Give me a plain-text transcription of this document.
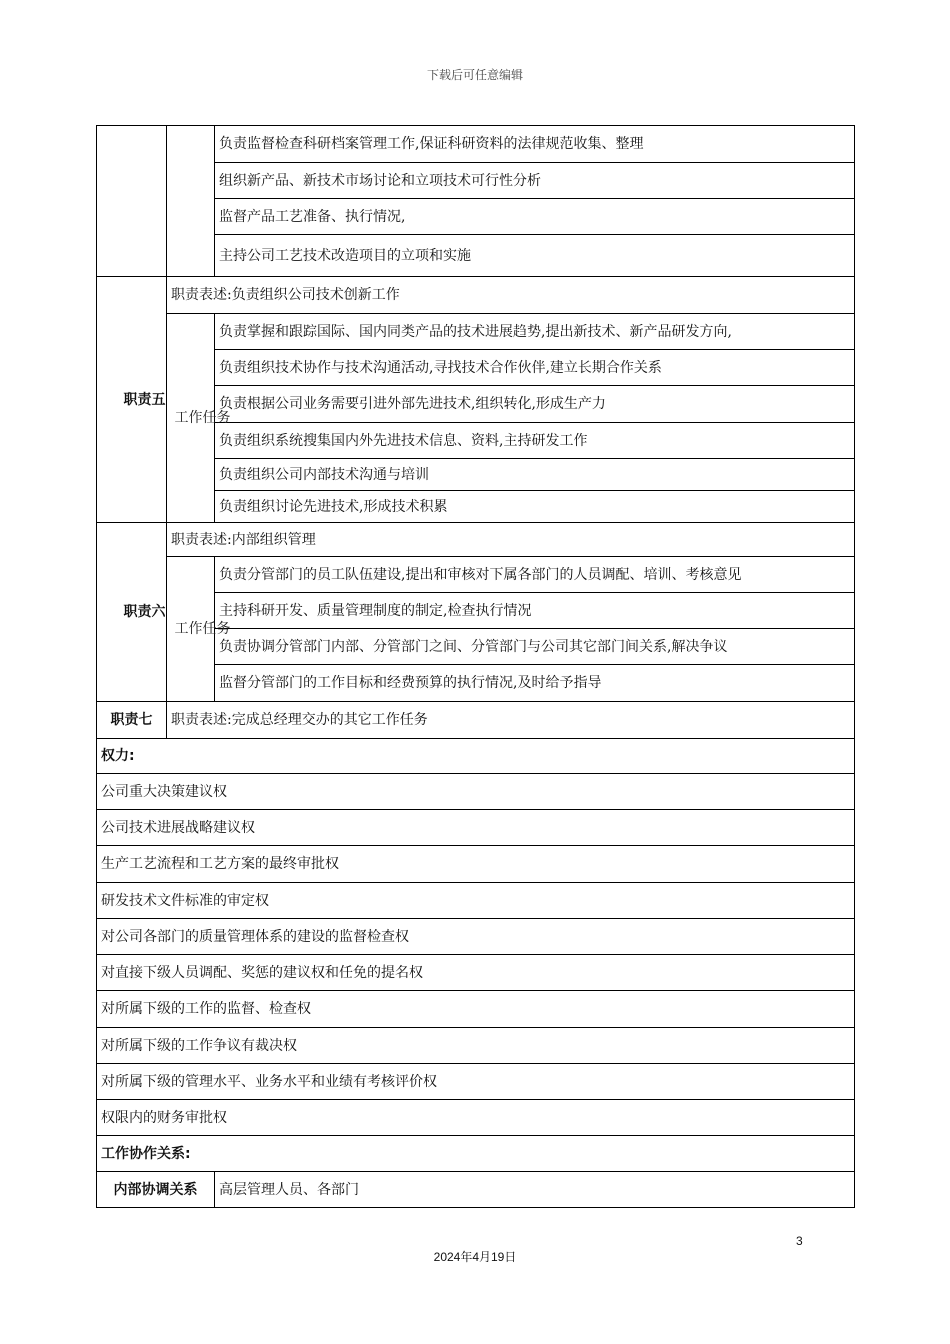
下载后可任意编辑
		负责监督检查科研档案管理工作,保证科研资料的法律规范收集、整理
		组织新产品、新技术市场讨论和立项技术可行性分析
		监督产品工艺准备、执行情况,
		主持公司工艺技术改造项目的立项和实施
职责五	职责表述:负责组织公司技术创新工作	
	工作任务	负责掌握和跟踪国际、国内同类产品的技术进展趋势,提出新技术、新产品研发方向,
		负责组织技术协作与技术沟通活动,寻找技术合作伙伴,建立长期合作关系
		负责根据公司业务需要引进外部先进技术,组织转化,形成生产力
		负责组织系统搜集国内外先进技术信息、资料,主持研发工作
		负责组织公司内部技术沟通与培训
		负责组织讨论先进技术,形成技术积累
职责六	职责表述:内部组织管理	
	工作任务	负责分管部门的员工队伍建设,提出和审核对下属各部门的人员调配、培训、考核意见
		主持科研开发、质量管理制度的制定,检查执行情况
		负责协调分管部门内部、分管部门之间、分管部门与公司其它部门间关系,解决争议
		监督分管部门的工作目标和经费预算的执行情况,及时给予指导
职责七	职责表述:完成总经理交办的其它工作任务	
权力:		
公司重大决策建议权		
公司技术进展战略建议权		
生产工艺流程和工艺方案的最终审批权		
研发技术文件标准的审定权		
对公司各部门的质量管理体系的建设的监督检查权		
对直接下级人员调配、奖惩的建议权和任免的提名权		
对所属下级的工作的监督、检查权		
对所属下级的工作争议有裁决权		
对所属下级的管理水平、业务水平和业绩有考核评价权		
权限内的财务审批权		
工作协作关系:		
内部协调关系		高层管理人员、各部门
3
2024年4月19日
